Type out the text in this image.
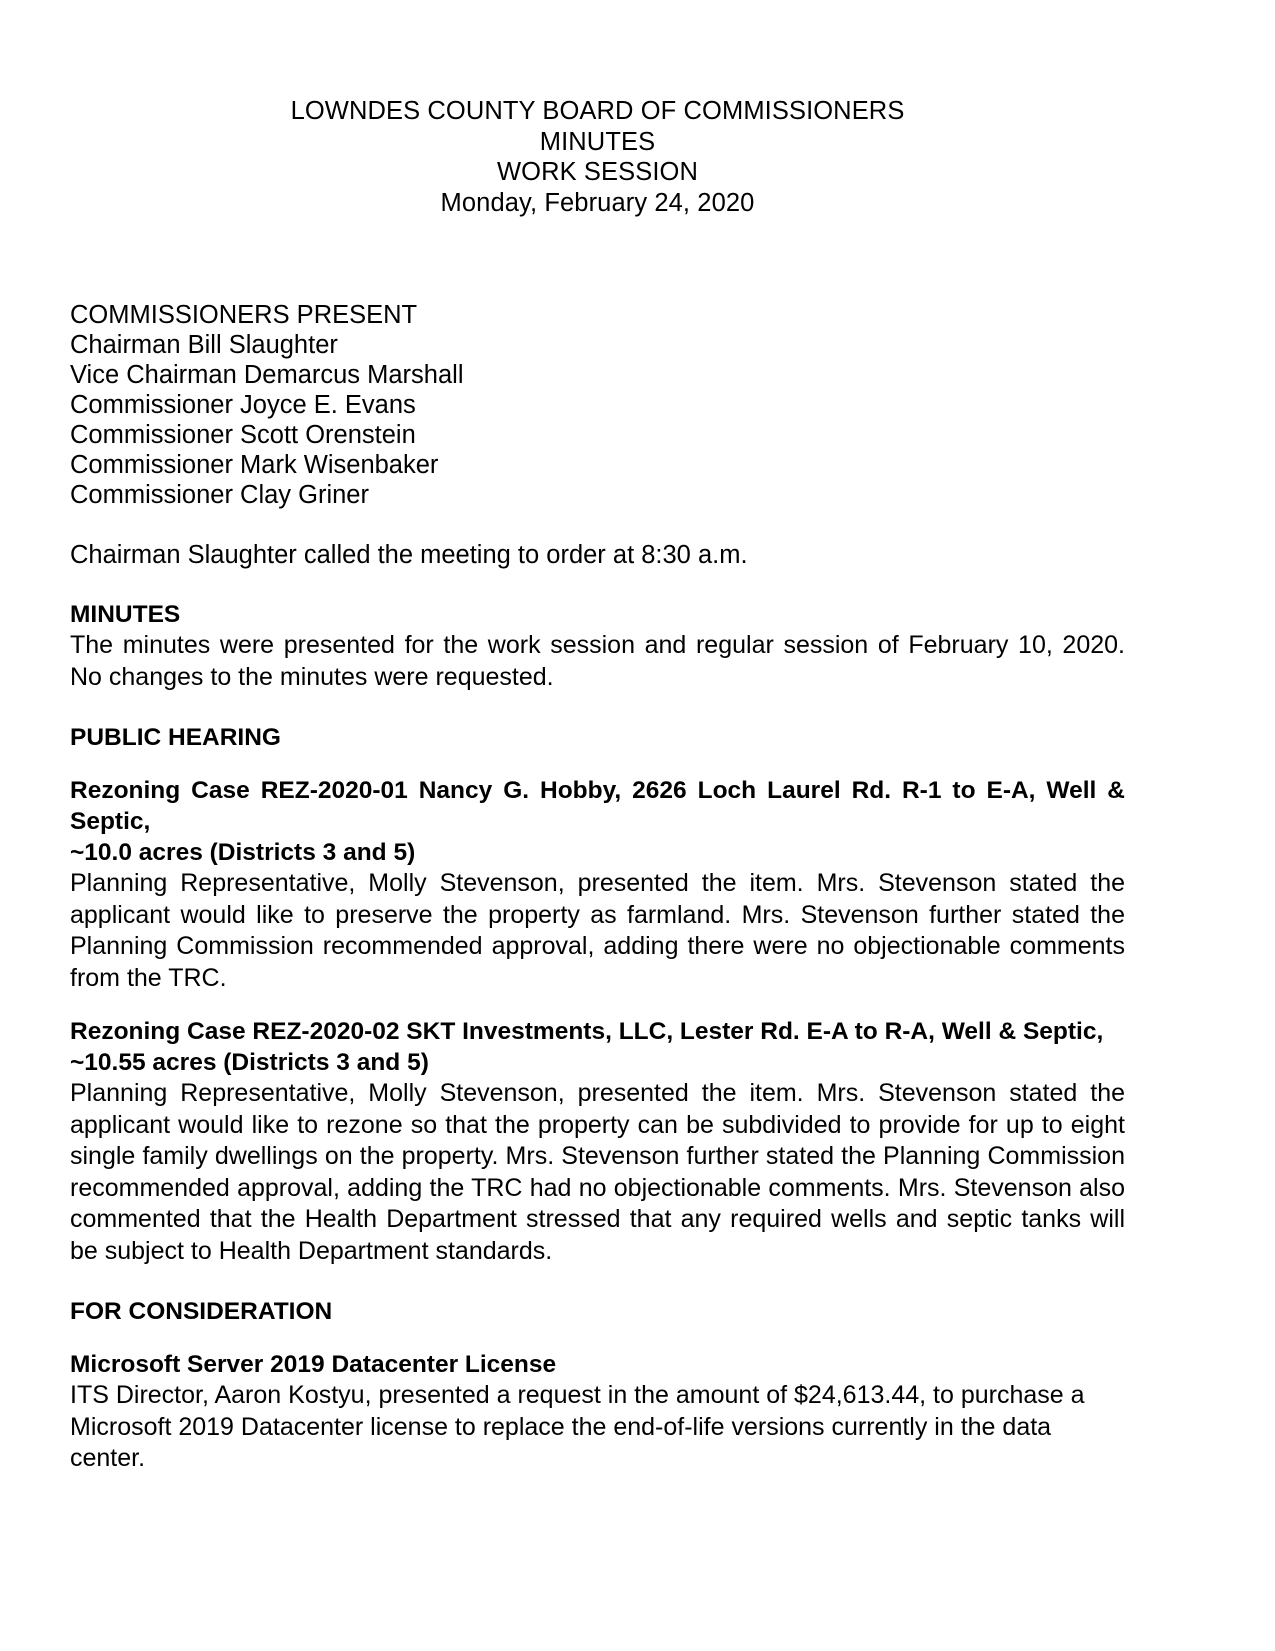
LOWNDES COUNTY BOARD OF COMMISSIONERS
MINUTES
WORK SESSION
Monday, February 24, 2020
COMMISSIONERS PRESENT
Chairman Bill Slaughter
Vice Chairman Demarcus Marshall
Commissioner Joyce E. Evans
Commissioner Scott Orenstein
Commissioner Mark Wisenbaker
Commissioner Clay Griner
Chairman Slaughter called the meeting to order at 8:30 a.m.
MINUTES
The minutes were presented for the work session and regular session of February 10, 2020. No changes to the minutes were requested.
PUBLIC HEARING
Rezoning Case REZ-2020-01 Nancy G. Hobby, 2626 Loch Laurel Rd. R-1 to E-A, Well & Septic,
~10.0 acres (Districts 3 and 5)
Planning Representative, Molly Stevenson, presented the item. Mrs. Stevenson stated the applicant would like to preserve the property as farmland. Mrs. Stevenson further stated the Planning Commission recommended approval, adding there were no objectionable comments from the TRC.
Rezoning Case REZ-2020-02 SKT Investments, LLC, Lester Rd. E-A to R-A, Well & Septic,
~10.55 acres (Districts 3 and 5)
Planning Representative, Molly Stevenson, presented the item. Mrs. Stevenson stated the applicant would like to rezone so that the property can be subdivided to provide for up to eight single family dwellings on the property. Mrs. Stevenson further stated the Planning Commission recommended approval, adding the TRC had no objectionable comments. Mrs. Stevenson also commented that the Health Department stressed that any required wells and septic tanks will be subject to Health Department standards.
FOR CONSIDERATION
Microsoft Server 2019 Datacenter License
ITS Director, Aaron Kostyu, presented a request in the amount of $24,613.44, to purchase a Microsoft 2019 Datacenter license to replace the end-of-life versions currently in the data center.
